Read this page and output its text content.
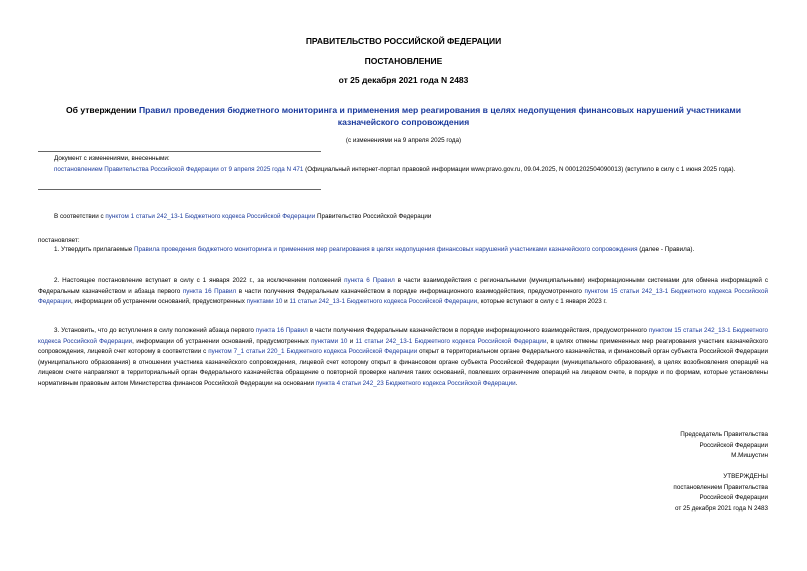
ПРАВИТЕЛЬСТВО РОССИЙСКОЙ ФЕДЕРАЦИИ
ПОСТАНОВЛЕНИЕ
от 25 декабря 2021 года N 2483
Об утверждении Правил проведения бюджетного мониторинга и применения мер реагирования в целях недопущения финансовых нарушений участниками казначейского сопровождения
(с изменениями на 9 апреля 2025 года)
Документ с изменениями, внесенными:
постановлением Правительства Российской Федерации от 9 апреля 2025 года N 471 (Официальный интернет-портал правовой информации www.pravo.gov.ru, 09.04.2025, N 0001202504090013) (вступило в силу с 1 июня 2025 года).
В соответствии с пунктом 1 статьи 242_13-1 Бюджетного кодекса Российской Федерации Правительство Российской Федерации
постановляет:
1. Утвердить прилагаемые Правила проведения бюджетного мониторинга и применения мер реагирования в целях недопущения финансовых нарушений участниками казначейского сопровождения (далее - Правила).
2. Настоящее постановление вступает в силу с 1 января 2022 г., за исключением положений пункта 6 Правил в части взаимодействия с региональными (муниципальными) информационными системами для обмена информацией с Федеральным казначейством и абзаца первого пункта 16 Правил в части получения Федеральным казначейством в порядке информационного взаимодействия, предусмотренного пунктом 15 статьи 242_13-1 Бюджетного кодекса Российской Федерации, информации об устранении оснований, предусмотренных пунктами 10 и 11 статьи 242_13-1 Бюджетного кодекса Российской Федерации, которые вступают в силу с 1 января 2023 г.
3. Установить, что до вступления в силу положений абзаца первого пункта 16 Правил в части получения Федеральным казначейством в порядке информационного взаимодействия, предусмотренного пунктом 15 статьи 242_13-1 Бюджетного кодекса Российской Федерации, информации об устранении оснований, предусмотренных пунктами 10 и 11 статьи 242_13-1 Бюджетного кодекса Российской Федерации, в целях отмены примененных мер реагирования участник казначейского сопровождения, лицевой счет которому в соответствии с пунктом 7_1 статьи 220_1 Бюджетного кодекса Российской Федерации открыт в территориальном органе Федерального казначейства, и финансовый орган субъекта Российской Федерации (муниципального образования) в отношении участника казначейского сопровождения, лицевой счет которому открыт в финансовом органе субъекта Российской Федерации (муниципального образования), в целях возобновления операций на лицевом счете направляют в территориальный орган Федерального казначейства обращение о повторной проверке наличия таких оснований, повлекших ограничение операций на лицевом счете, в порядке и по формам, которые установлены нормативным правовым актом Министерства финансов Российской Федерации на основании пункта 4 статьи 242_23 Бюджетного кодекса Российской Федерации.
Председатель Правительства
Российской Федерации
М.Мишустин
УТВЕРЖДЕНЫ
постановлением Правительства
Российской Федерации
от 25 декабря 2021 года N 2483
